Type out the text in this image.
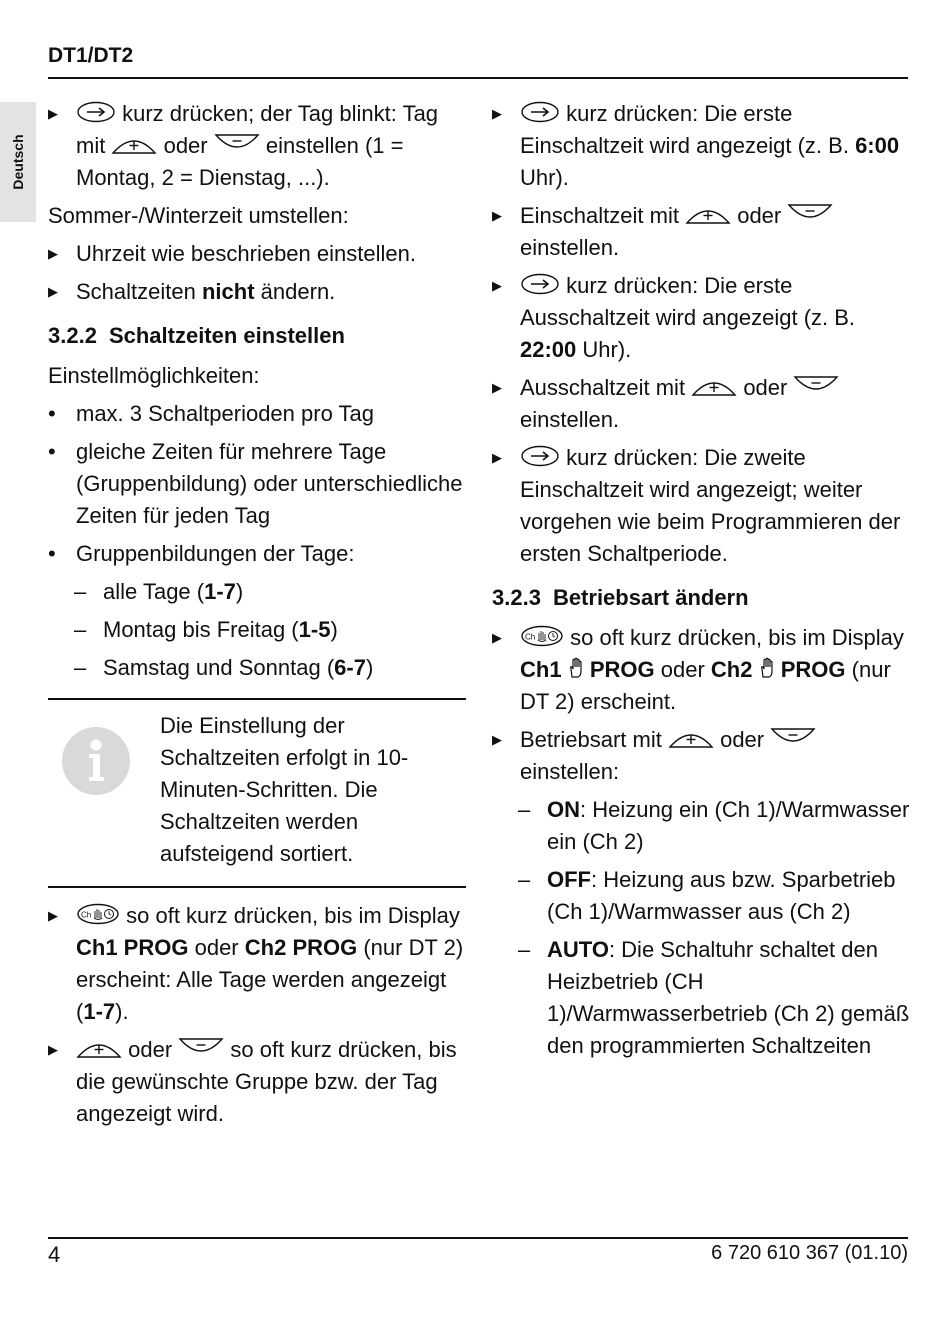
DT1/DT2
Deutsch
▶	kurz drücken; der Tag blinkt: Tag mit	oder	einstellen (1 = Montag, 2 = Dienstag, ...).
Sommer-/Winterzeit umstellen:
▶ Uhrzeit wie beschrieben einstellen.
▶ Schaltzeiten nicht ändern.
3.2.2 Schaltzeiten einstellen
Einstellmöglichkeiten:
• max. 3 Schaltperioden pro Tag
• gleiche Zeiten für mehrere Tage (Gruppenbildung) oder unterschiedliche Zeiten für jeden Tag
• Gruppenbildungen der Tage:
– alle Tage (1-7)
– Montag bis Freitag (1-5)
– Samstag und Sonntag (6-7)
Die Einstellung der Schaltzeiten erfolgt in 10-Minuten-Schritten. Die Schaltzeiten werden aufsteigend sortiert.
▶	so oft kurz drücken, bis im Display Ch1 PROG oder Ch2 PROG (nur DT 2) erscheint: Alle Tage werden angezeigt (1-7).
▶	oder	so oft kurz drücken, bis die gewünschte Gruppe bzw. der Tag angezeigt wird.
▶	kurz drücken: Die erste Einschaltzeit wird angezeigt (z. B. 6:00 Uhr).
▶ Einschaltzeit mit	oder  einstellen.
▶	kurz drücken: Die erste Ausschaltzeit wird angezeigt (z. B. 22:00 Uhr).
▶ Ausschaltzeit mit	oder  einstellen.
▶	kurz drücken: Die zweite Einschaltzeit wird angezeigt; weiter vorgehen wie beim Programmieren der ersten Schaltperiode.
3.2.3 Betriebsart ändern
▶	so oft kurz drücken, bis im Display Ch1 PROG oder Ch2 PROG (nur DT 2) erscheint.
▶ Betriebsart mit	oder  einstellen:
– ON: Heizung ein (Ch 1)/Warmwasser ein (Ch 2)
– OFF: Heizung aus bzw. Sparbetrieb (Ch 1)/Warmwasser aus (Ch 2)
– AUTO: Die Schaltuhr schaltet den Heizbetrieb (CH 1)/Warmwasserbetrieb (Ch 2) gemäß den programmierten Schaltzeiten
4	6 720 610 367 (01.10)
